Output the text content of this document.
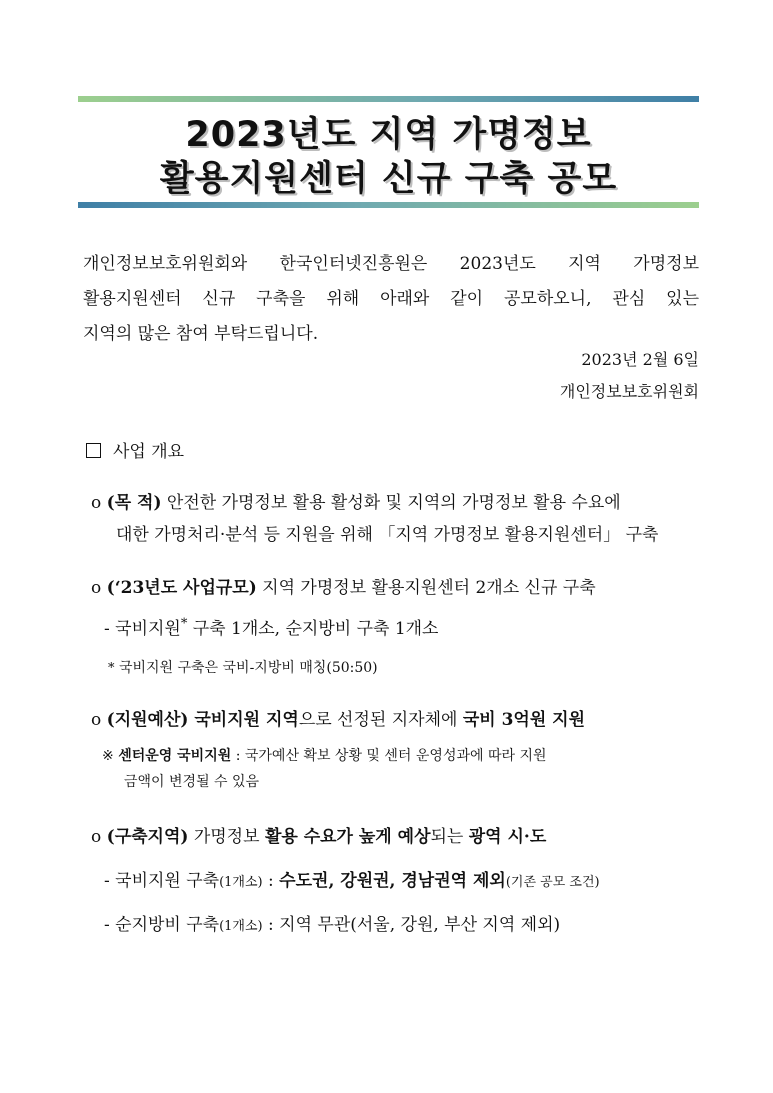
2023년도 지역 가명정보
활용지원센터 신규 구축 공모
개인정보보호위원회와 한국인터넷진흥원은 2023년도 지역 가명정보
활용지원센터 신규 구축을 위해 아래와 같이 공모하오니, 관심 있는
지역의 많은 참여 부탁드립니다.
2023년 2월 6일
개인정보보호위원회
사업 개요
o (목 적) 안전한 가명정보 활용 활성화 및 지역의 가명정보 활용 수요에
대한 가명처리·분석 등 지원을 위해 「지역 가명정보 활용지원센터」 구축
o (‘23년도 사업규모) 지역 가명정보 활용지원센터 2개소 신규 구축
- 국비지원* 구축 1개소, 순지방비 구축 1개소
* 국비지원 구축은 국비-지방비 매칭(50:50)
o (지원예산) 국비지원 지역으로 선정된 지자체에 국비 3억원 지원
※ 센터운영 국비지원 : 국가예산 확보 상황 및 센터 운영성과에 따라 지원
금액이 변경될 수 있음
o (구축지역) 가명정보 활용 수요가 높게 예상되는 광역 시·도
- 국비지원 구축(1개소) : 수도권, 강원권, 경남권역 제외(기존 공모 조건)
- 순지방비 구축(1개소) : 지역 무관(서울, 강원, 부산 지역 제외)
